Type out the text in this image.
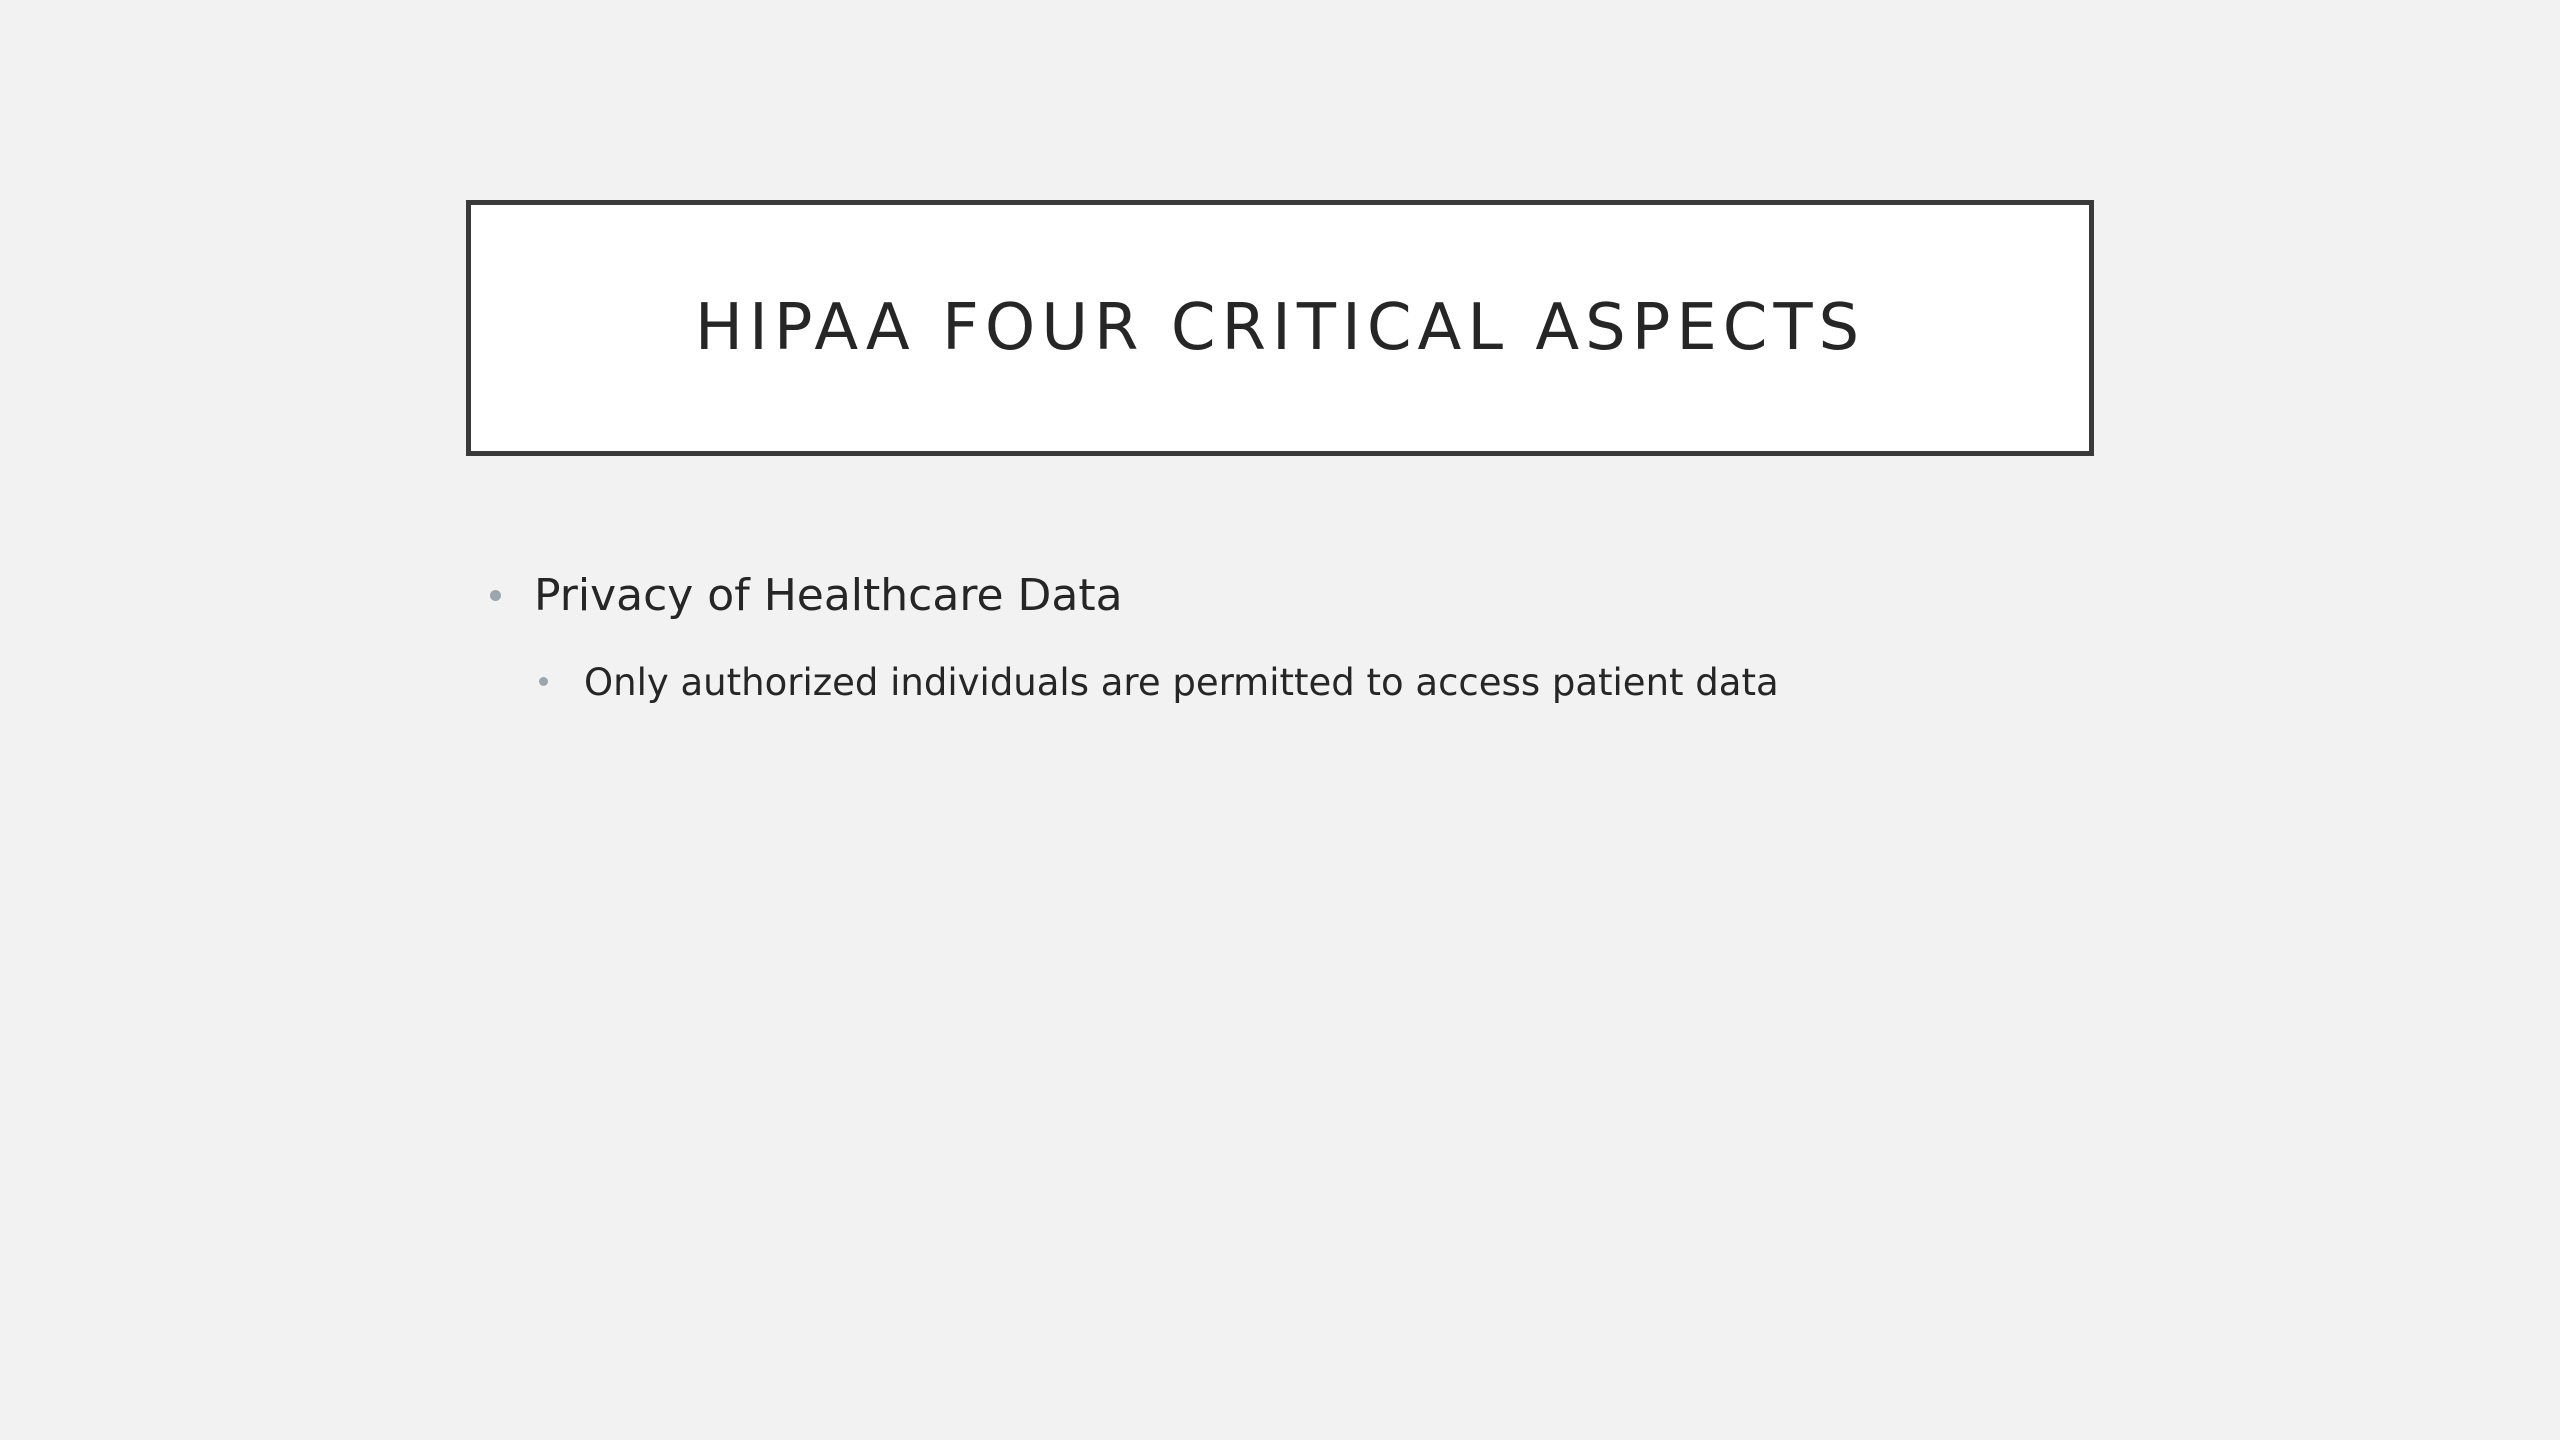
HIPAA FOUR CRITICAL ASPECTS
Privacy of Healthcare Data
Only authorized individuals are permitted to access patient data
